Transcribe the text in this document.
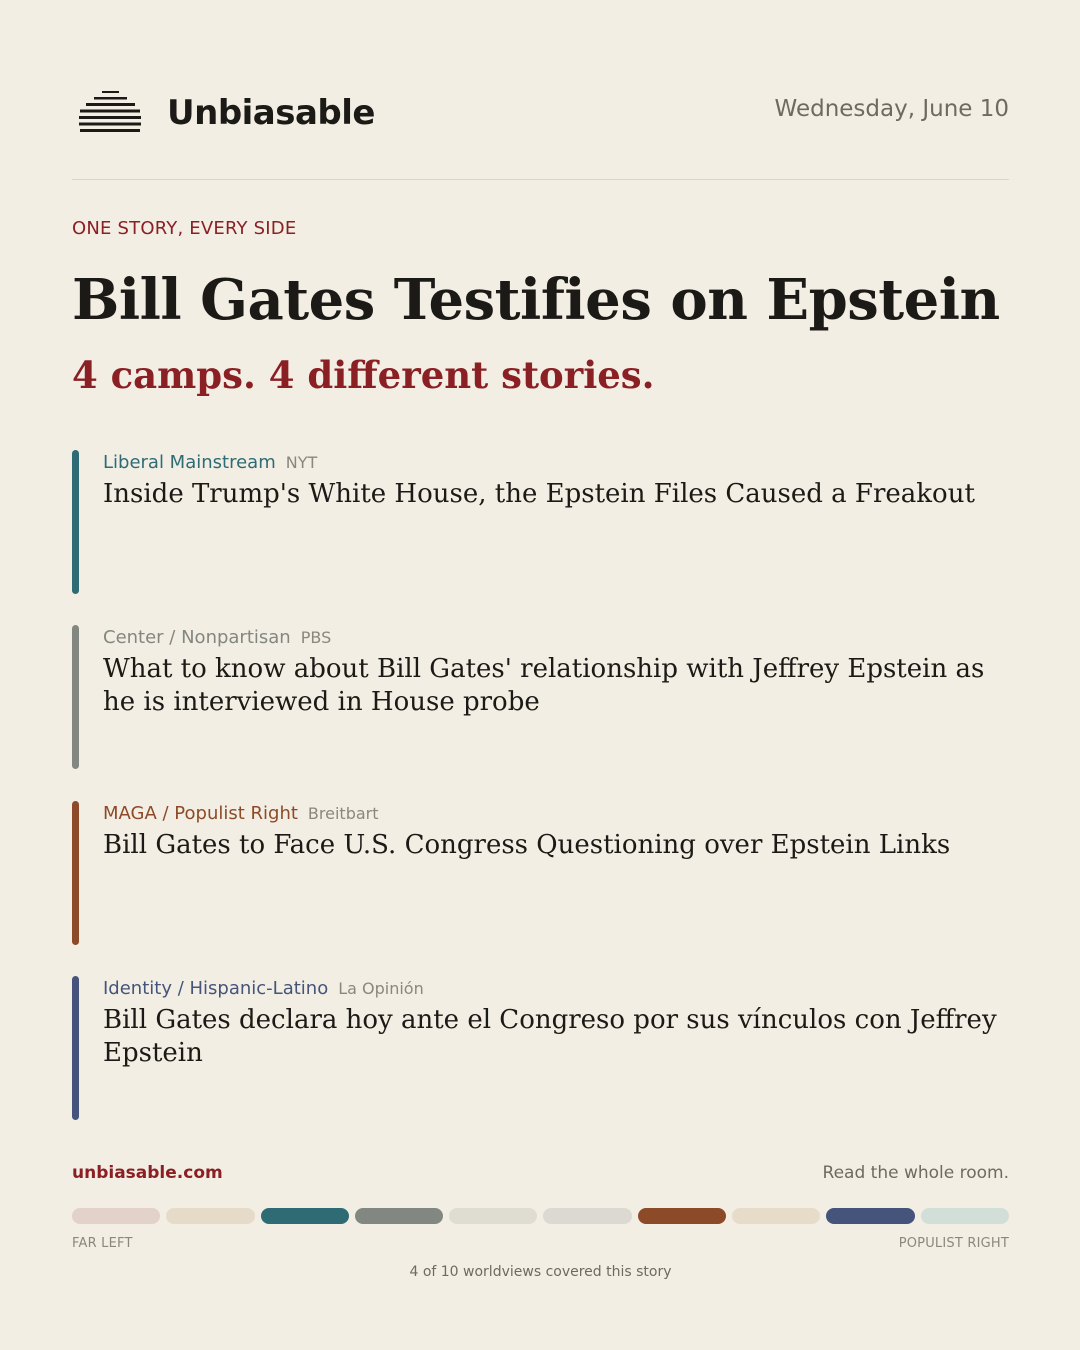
Unbiasable	Wednesday, June 10
ONE STORY, EVERY SIDE
Bill Gates Testifies on Epstein
4 camps. 4 different stories.
Liberal Mainstream NYT
Inside Trump's White House, the Epstein Files Caused a Freakout
Center / Nonpartisan PBS
What to know about Bill Gates' relationship with Jeffrey Epstein as he is interviewed in House probe
MAGA / Populist Right Breitbart
Bill Gates to Face U.S. Congress Questioning over Epstein Links
Identity / Hispanic-Latino La Opinión
Bill Gates declara hoy ante el Congreso por sus vínculos con Jeffrey Epstein
unbiasable.com	Read the whole room.
FAR LEFT	POPULIST RIGHT
4 of 10 worldviews covered this story
